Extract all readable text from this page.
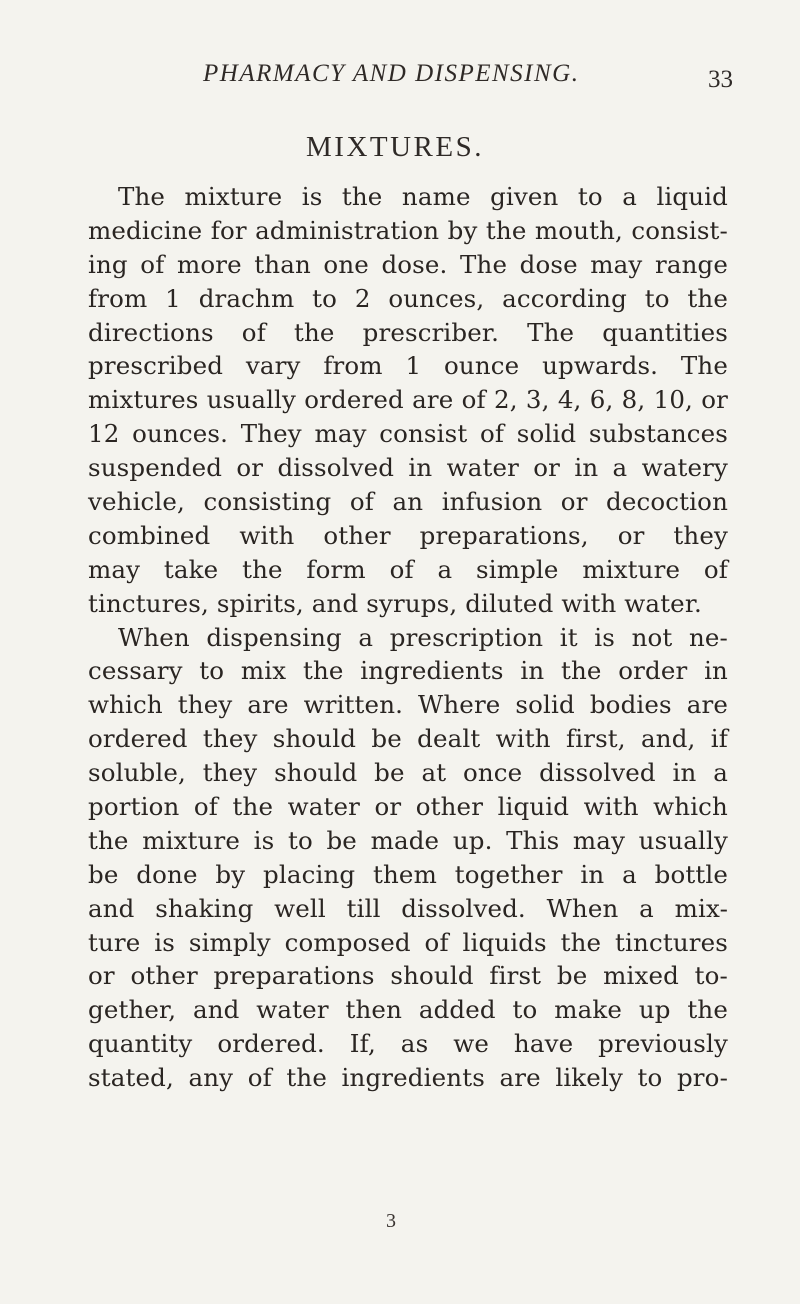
PHARMACY AND DISPENSING.	33
MIXTURES.
The mixture is the name given to a liquid
medicine for administration by the mouth, consist-
ing of more than one dose. The dose may range
from 1 drachm to 2 ounces, according to the
directions of the prescriber. The quantities
prescribed vary from 1 ounce upwards. The
mixtures usually ordered are of 2, 3, 4, 6, 8, 10, or
12 ounces. They may consist of solid substances
suspended or dissolved in water or in a watery
vehicle, consisting of an infusion or decoction
combined with other preparations, or they
may take the form of a simple mixture of
tinctures, spirits, and syrups, diluted with water.
When dispensing a prescription it is not ne-
cessary to mix the ingredients in the order in
which they are written. Where solid bodies are
ordered they should be dealt with first, and, if
soluble, they should be at once dissolved in a
portion of the water or other liquid with which
the mixture is to be made up. This may usually
be done by placing them together in a bottle
and shaking well till dissolved. When a mix-
ture is simply composed of liquids the tinctures
or other preparations should first be mixed to-
gether, and water then added to make up the
quantity ordered. If, as we have previously
stated, any of the ingredients are likely to pro-
3
